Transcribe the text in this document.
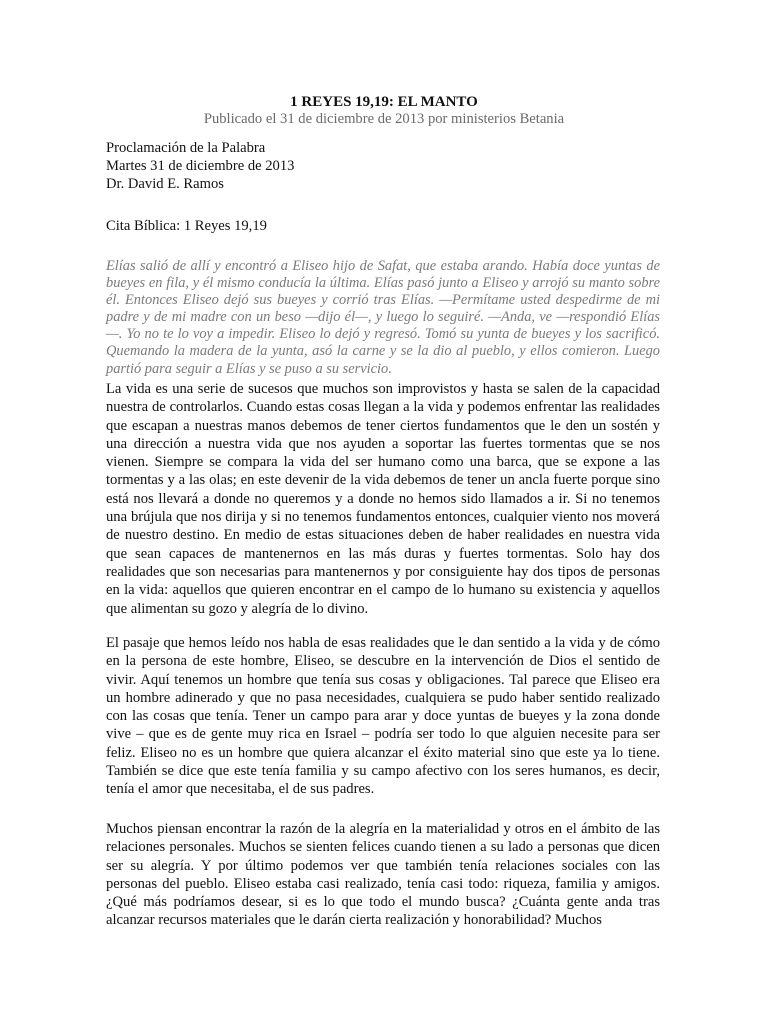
1 REYES 19,19: EL MANTO
Publicado el 31 de diciembre de 2013 por ministerios Betania
Proclamación de la Palabra
Martes 31 de diciembre de 2013
Dr. David E. Ramos
Cita Bíblica: 1 Reyes 19,19
Elías salió de allí y encontró a Eliseo hijo de Safat, que estaba arando. Había doce yuntas de bueyes en fila, y él mismo conducía la última. Elías pasó junto a Eliseo y arrojó su manto sobre él. Entonces Eliseo dejó sus bueyes y corrió tras Elías. —Permítame usted despedirme de mi padre y de mi madre con un beso —dijo él—, y luego lo seguiré. —Anda, ve —respondió Elías—. Yo no te lo voy a impedir. Eliseo lo dejó y regresó. Tomó su yunta de bueyes y los sacrificó. Quemando la madera de la yunta, asó la carne y se la dio al pueblo, y ellos comieron. Luego partió para seguir a Elías y se puso a su servicio.
La vida es una serie de sucesos que muchos son improvistos y hasta se salen de la capacidad nuestra de controlarlos. Cuando estas cosas llegan a la vida y podemos enfrentar las realidades que escapan a nuestras manos debemos de tener ciertos fundamentos que le den un sostén y una dirección a nuestra vida que nos ayuden a soportar las fuertes tormentas que se nos vienen. Siempre se compara la vida del ser humano como una barca, que se expone a las tormentas y a las olas; en este devenir de la vida debemos de tener un ancla fuerte porque sino está nos llevará a donde no queremos y a donde no hemos sido llamados a ir. Si no tenemos una brújula que nos dirija y si no tenemos fundamentos entonces, cualquier viento nos moverá de nuestro destino. En medio de estas situaciones deben de haber realidades en nuestra vida que sean capaces de mantenernos en las más duras y fuertes tormentas. Solo hay dos realidades que son necesarias para mantenernos y por consiguiente hay dos tipos de personas en la vida: aquellos que quieren encontrar en el campo de lo humano su existencia y aquellos que alimentan su gozo y alegría de lo divino.
El pasaje que hemos leído nos habla de esas realidades que le dan sentido a la vida y de cómo en la persona de este hombre, Eliseo, se descubre en la intervención de Dios el sentido de vivir. Aquí tenemos un hombre que tenía sus cosas y obligaciones. Tal parece que Eliseo era un hombre adinerado y que no pasa necesidades, cualquiera se pudo haber sentido realizado con las cosas que tenía. Tener un campo para arar y doce yuntas de bueyes y la zona donde vive – que es de gente muy rica en Israel – podría ser todo lo que alguien necesite para ser feliz. Eliseo no es un hombre que quiera alcanzar el éxito material sino que este ya lo tiene. También se dice que este tenía familia y su campo afectivo con los seres humanos, es decir, tenía el amor que necesitaba, el de sus padres.
Muchos piensan encontrar la razón de la alegría en la materialidad y otros en el ámbito de las relaciones personales. Muchos se sienten felices cuando tienen a su lado a personas que dicen ser su alegría. Y por último podemos ver que también tenía relaciones sociales con las personas del pueblo. Eliseo estaba casi realizado, tenía casi todo: riqueza, familia y amigos. ¿Qué más podríamos desear, si es lo que todo el mundo busca? ¿Cuánta gente anda tras alcanzar recursos materiales que le darán cierta realización y honorabilidad? Muchos
